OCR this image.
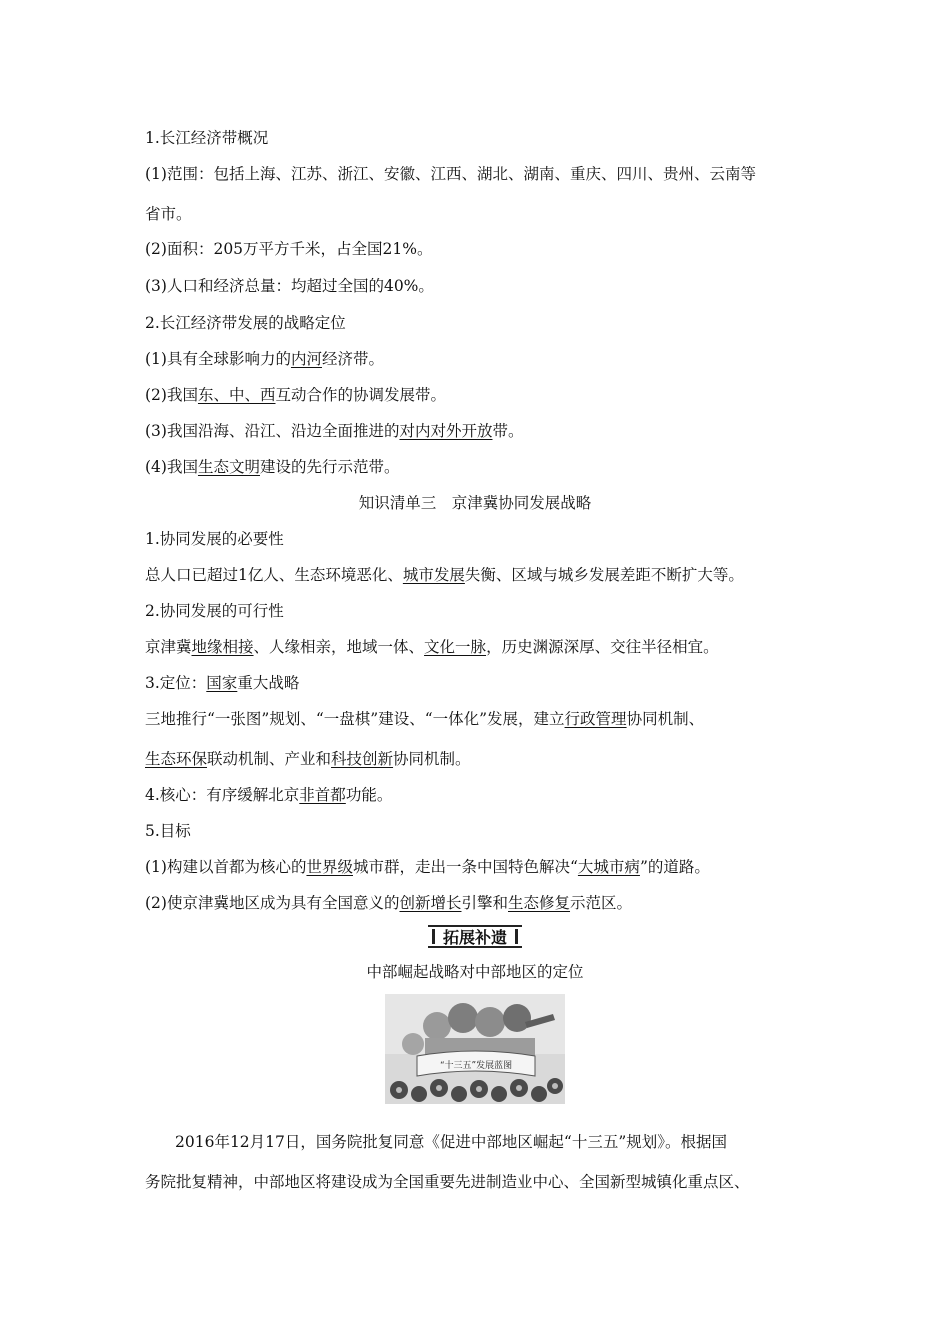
1.长江经济带概况
(1)范围：包括上海、江苏、浙江、安徽、江西、湖北、湖南、重庆、四川、贵州、云南等
省市。
(2)面积：205万平方千米，占全国21%。
(3)人口和经济总量：均超过全国的40%。
2.长江经济带发展的战略定位
(1)具有全球影响力的内河经济带。
(2)我国东、中、西互动合作的协调发展带。
(3)我国沿海、沿江、沿边全面推进的对内对外开放带。
(4)我国生态文明建设的先行示范带。
知识清单三　京津冀协同发展战略
1.协同发展的必要性
总人口已超过1亿人、生态环境恶化、城市发展失衡、区域与城乡发展差距不断扩大等。
2.协同发展的可行性
京津冀地缘相接、人缘相亲，地域一体、文化一脉，历史渊源深厚、交往半径相宜。
3.定位：国家重大战略
三地推行“一张图”规划、“一盘棋”建设、“一体化”发展，建立行政管理协同机制、
生态环保联动机制、产业和科技创新协同机制。
4.核心：有序缓解北京非首都功能。
5.目标
(1)构建以首都为核心的世界级城市群，走出一条中国特色解决“大城市病”的道路。
(2)使京津冀地区成为具有全国意义的创新增长引擎和生态修复示范区。
拓展补遗
中部崛起战略对中部地区的定位
“十三五”发展蓝图
2016年12月17日，国务院批复同意《促进中部地区崛起“十三五”规划》。根据国
务院批复精神，中部地区将建设成为全国重要先进制造业中心、全国新型城镇化重点区、
